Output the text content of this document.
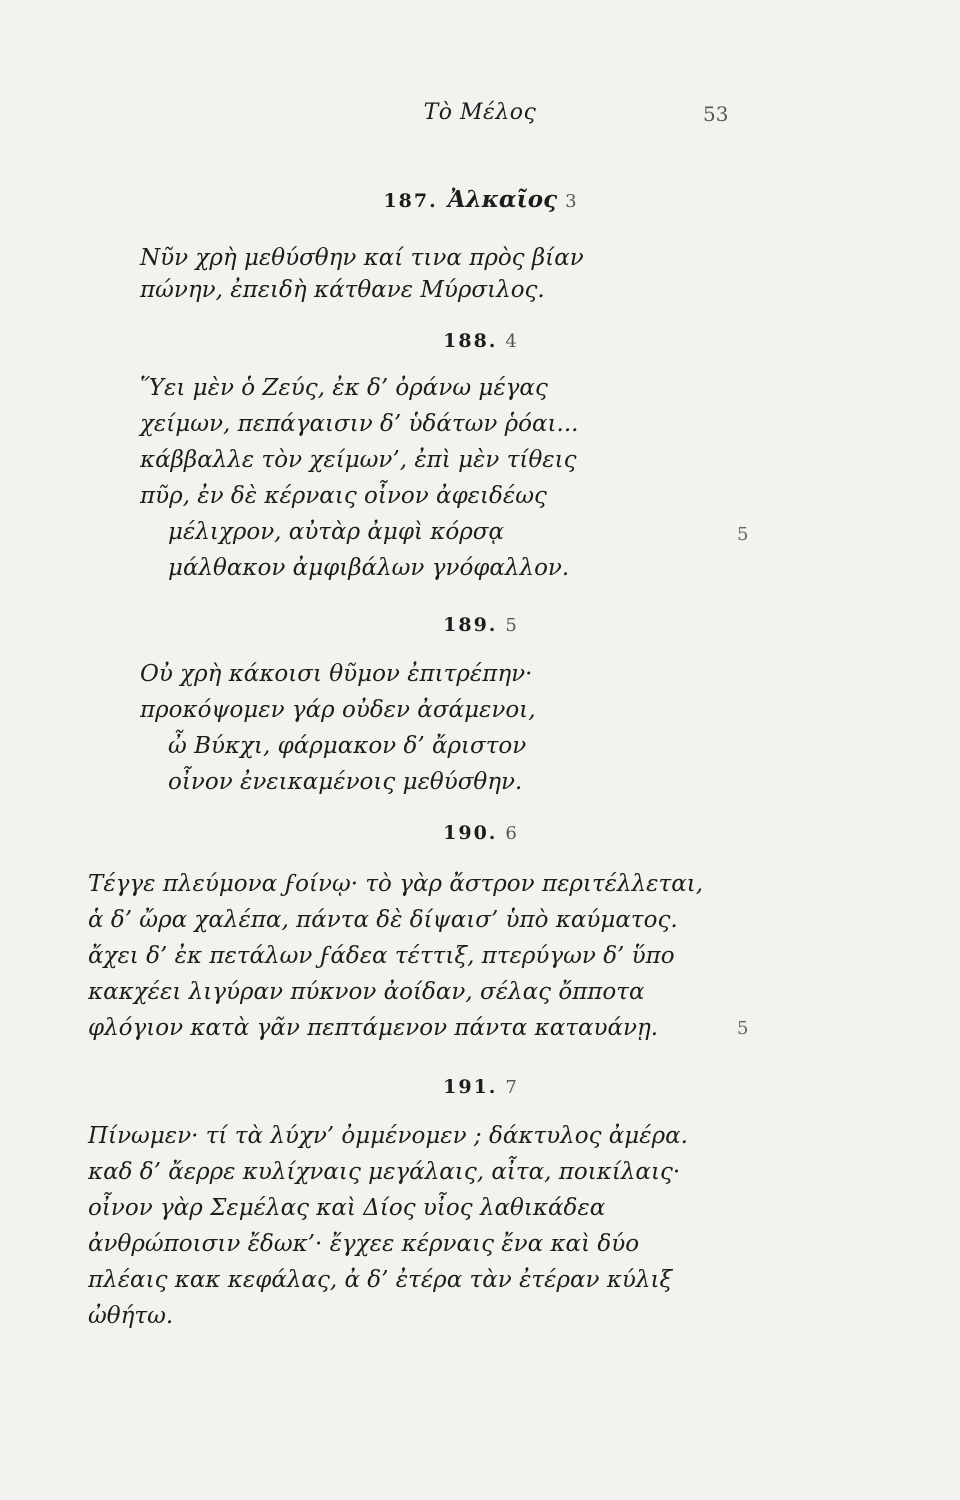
Τὸ Μέλος	53
187. Ἀλκαῖος 3
Νῦν χρὴ μεθύσθην καί τινα πρὸς βίαν
πώνην, ἐπειδὴ κάτθανε Μύρσιλος.
188. 4
Ὕει μὲν ὁ Ζεύς, ἐκ δ’ ὀράνω μέγας
χείμων, πεπάγαισιν δ’ ὑδάτων ῥόαι...
κάββαλλε τὸν χείμων’, ἐπὶ μὲν τίθεις
πῦρ, ἐν δὲ κέρναις οἶνον ἀφειδέως
μέλιχρον, αὐτὰρ ἀμφὶ κόρσᾳ	5
μάλθακον ἀμφιβάλων γνόφαλλον.
189. 5
Οὐ χρὴ κάκοισι θῦμον ἐπιτρέπην·
προκόψομεν γάρ οὐδεν ἀσάμενοι,
ὦ Βύκχι, φάρμακον δ’ ἄριστον
οἶνον ἐνεικαμένοις μεθύσθην.
190. 6
Τέγγε πλεύμονα ϝοίνῳ· τὸ γὰρ ἄστρον περιτέλλεται,
ἁ δ’ ὤρα χαλέπα, πάντα δὲ δίψαισ’ ὑπὸ καύματος.
ἄχει δ’ ἐκ πετάλων ϝάδεα τέττιξ, πτερύγων δ’ ὕπο
κακχέει λιγύραν πύκνον ἀοίδαν, σέλας ὄπποτα
φλόγιον κατὰ γᾶν πεπτάμενον πάντα καταυάνῃ.	5
191. 7
Πίνωμεν· τί τὰ λύχν’ ὀμμένομεν ; δάκτυλος ἀμέρα.
καδ δ’ ἄερρε κυλίχναις μεγάλαις, αἶτα, ποικίλαις·
οἶνον γὰρ Σεμέλας καὶ Δίος υἶος λαθικάδεα
ἀνθρώποισιν ἔδωκ’· ἔγχεε κέρναις ἔνα καὶ δύο
πλέαις κακ κεφάλας, ἀ δ’ ἐτέρα τὰν ἐτέραν κύλιξ
ὠθήτω.
